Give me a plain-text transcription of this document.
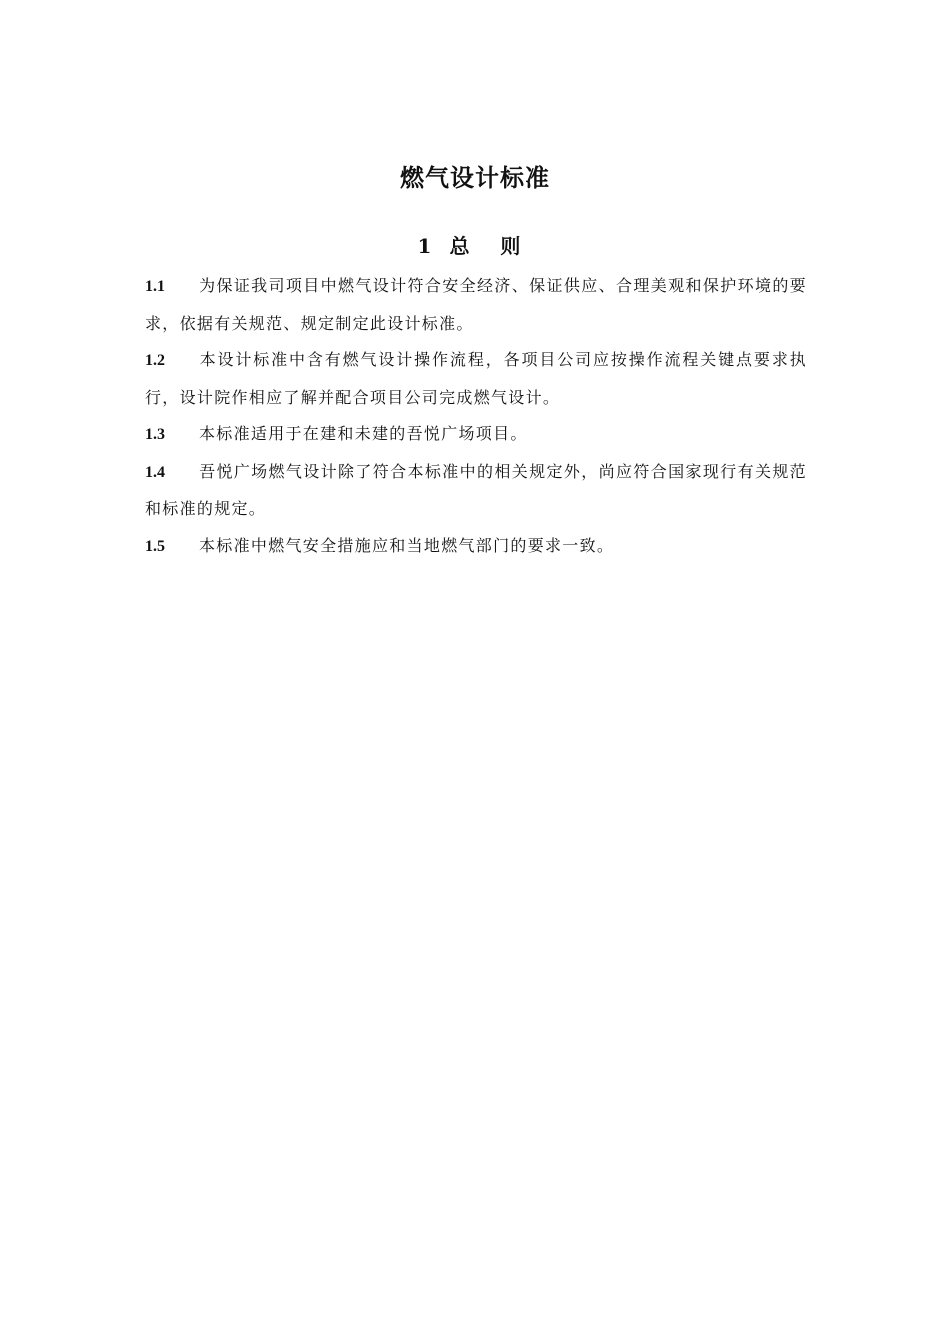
燃气设计标准
1 总 则

1.1 为保证我司项目中燃气设计符合安全经济、保证供应、合理美观和保护环境的要求，依据有关规范、规定制定此设计标准。

1.2 本设计标准中含有燃气设计操作流程，各项目公司应按操作流程关键点要求执行，设计院作相应了解并配合项目公司完成燃气设计。

1.3 本标准适用于在建和未建的吾悦广场项目。

1.4 吾悦广场燃气设计除了符合本标准中的相关规定外，尚应符合国家现行有关规范和标准的规定。

1.5 本标准中燃气安全措施应和当地燃气部门的要求一致。
